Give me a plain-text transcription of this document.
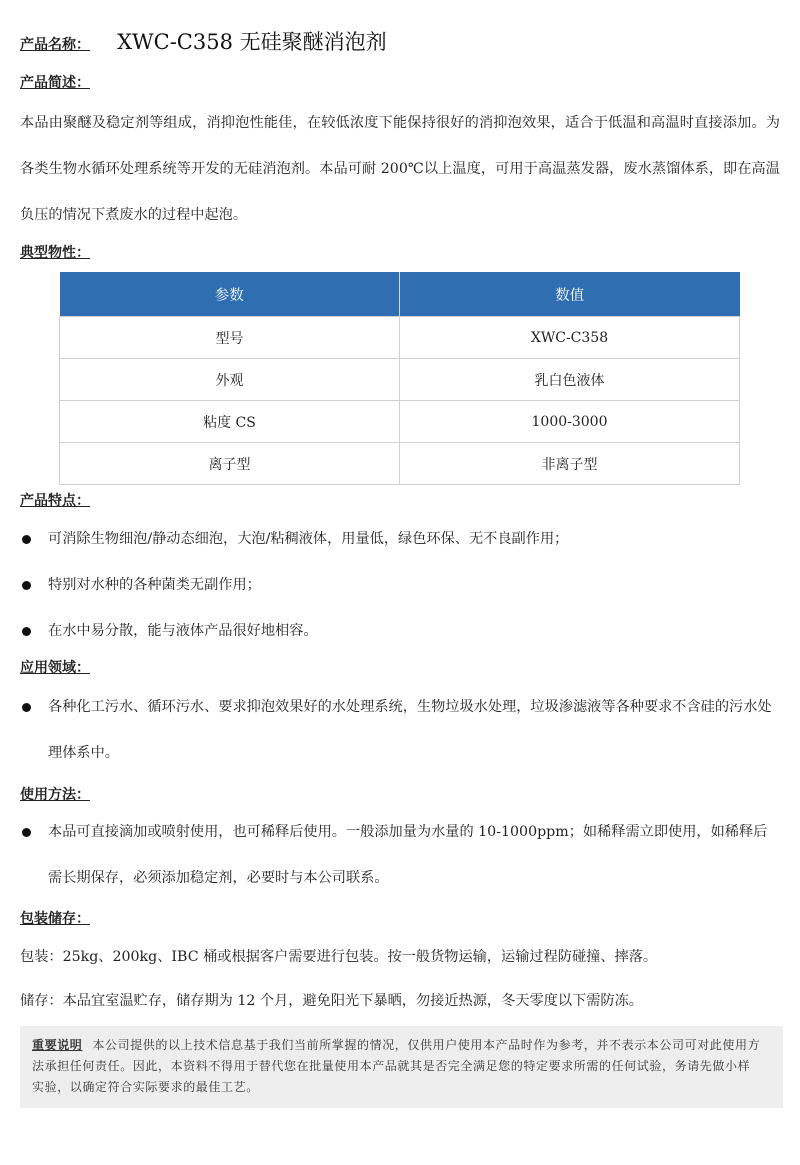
产品名称： XWC-C358 无硅聚醚消泡剂
产品简述：
本品由聚醚及稳定剂等组成，消抑泡性能佳，在较低浓度下能保持很好的消抑泡效果，适合于低温和高温时直接添加。为各类生物水循环处理系统等开发的无硅消泡剂。本品可耐 200℃以上温度，可用于高温蒸发器，废水蒸馏体系，即在高温负压的情况下煮废水的过程中起泡。
典型物性：
参数	数值
型号	XWC-C358
外观	乳白色液体
粘度 CS	1000-3000
离子型	非离子型
产品特点：
可消除生物细泡/静动态细泡，大泡/粘稠液体，用量低，绿色环保、无不良副作用；
特别对水种的各种菌类无副作用；
在水中易分散，能与液体产品很好地相容。
应用领域：
各种化工污水、循环污水、要求抑泡效果好的水处理系统，生物垃圾水处理，垃圾渗滤液等各种要求不含硅的污水处理体系中。
使用方法：
本品可直接滴加或喷射使用，也可稀释后使用。一般添加量为水量的 10-1000ppm；如稀释需立即使用，如稀释后需长期保存，必须添加稳定剂，必要时与本公司联系。
包装储存：
包装：25kg、200kg、IBC 桶或根据客户需要进行包装。按一般货物运输，运输过程防碰撞、摔落。
储存：本品宜室温贮存，储存期为 12 个月，避免阳光下暴晒，勿接近热源，冬天零度以下需防冻。
重要说明 本公司提供的以上技术信息基于我们当前所掌握的情况，仅供用户使用本产品时作为参考，并不表示本公司可对此使用方法承担任何责任。因此，本资料不得用于替代您在批量使用本产品就其是否完全满足您的特定要求所需的任何试验，务请先做小样实验，以确定符合实际要求的最佳工艺。
